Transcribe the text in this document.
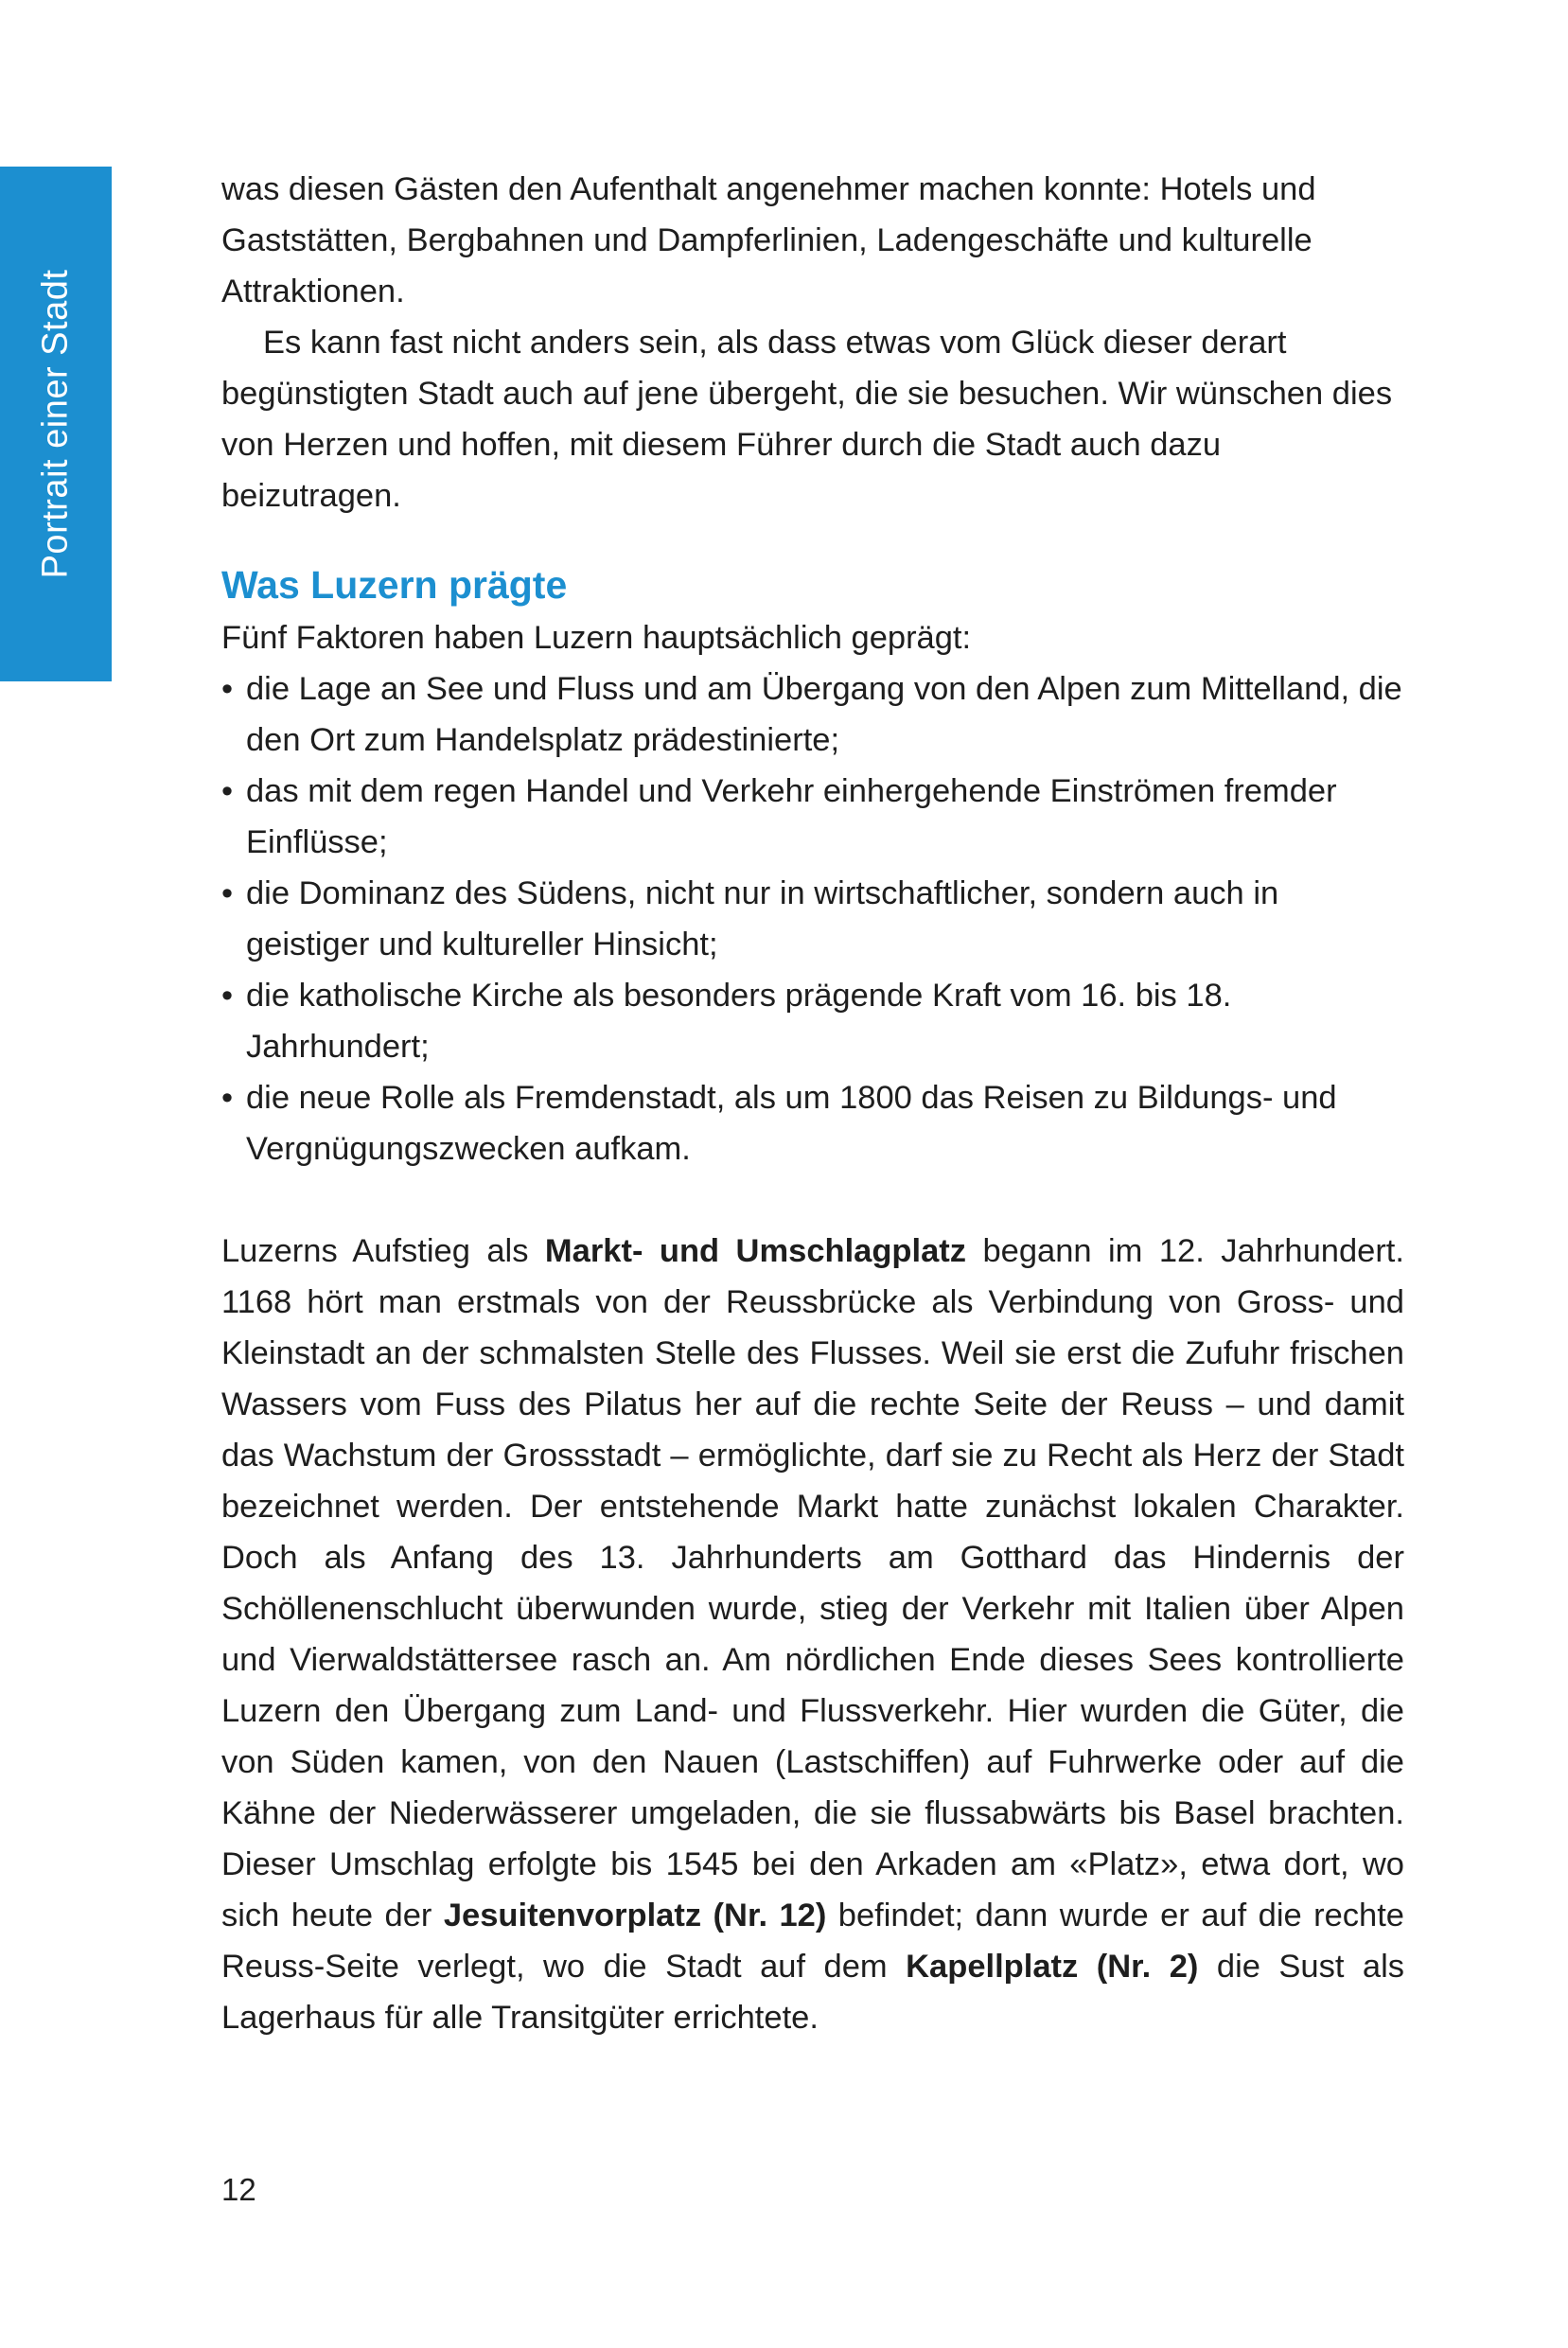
Portrait einer Stadt

was diesen Gästen den Aufenthalt angenehmer machen konnte: Hotels und Gaststätten, Bergbahnen und Dampferlinien, Ladengeschäfte und kulturelle Attraktionen.

Es kann fast nicht anders sein, als dass etwas vom Glück dieser derart begünstigten Stadt auch auf jene übergeht, die sie besuchen. Wir wünschen dies von Herzen und hoffen, mit diesem Führer durch die Stadt auch dazu beizutragen.

Was Luzern prägte

Fünf Faktoren haben Luzern hauptsächlich geprägt:

• die Lage an See und Fluss und am Übergang von den Alpen zum Mittelland, die den Ort zum Handelsplatz prädestinierte;
• das mit dem regen Handel und Verkehr einhergehende Einströmen fremder Einflüsse;
• die Dominanz des Südens, nicht nur in wirtschaftlicher, sondern auch in geistiger und kultureller Hinsicht;
• die katholische Kirche als besonders prägende Kraft vom 16. bis 18. Jahrhundert;
• die neue Rolle als Fremdenstadt, als um 1800 das Reisen zu Bildungs- und Vergnügungszwecken aufkam.

Luzerns Aufstieg als Markt- und Umschlagplatz begann im 12. Jahrhundert. 1168 hört man erstmals von der Reussbrücke als Verbindung von Gross- und Kleinstadt an der schmalsten Stelle des Flusses. Weil sie erst die Zufuhr frischen Wassers vom Fuss des Pilatus her auf die rechte Seite der Reuss – und damit das Wachstum der Grossstadt – ermöglichte, darf sie zu Recht als Herz der Stadt bezeichnet werden. Der entstehende Markt hatte zunächst lokalen Charakter. Doch als Anfang des 13. Jahrhunderts am Gotthard das Hindernis der Schöllenenschlucht überwunden wurde, stieg der Verkehr mit Italien über Alpen und Vierwaldstättersee rasch an. Am nördlichen Ende dieses Sees kontrollierte Luzern den Übergang zum Land- und Flussverkehr. Hier wurden die Güter, die von Süden kamen, von den Nauen (Lastschiffen) auf Fuhrwerke oder auf die Kähne der Niederwässerer umgeladen, die sie flussabwärts bis Basel brachten. Dieser Umschlag erfolgte bis 1545 bei den Arkaden am «Platz», etwa dort, wo sich heute der Jesuitenvorplatz (Nr. 12) befindet; dann wurde er auf die rechte Reuss-Seite verlegt, wo die Stadt auf dem Kapellplatz (Nr. 2) die Sust als Lagerhaus für alle Transitgüter errichtete.

12
